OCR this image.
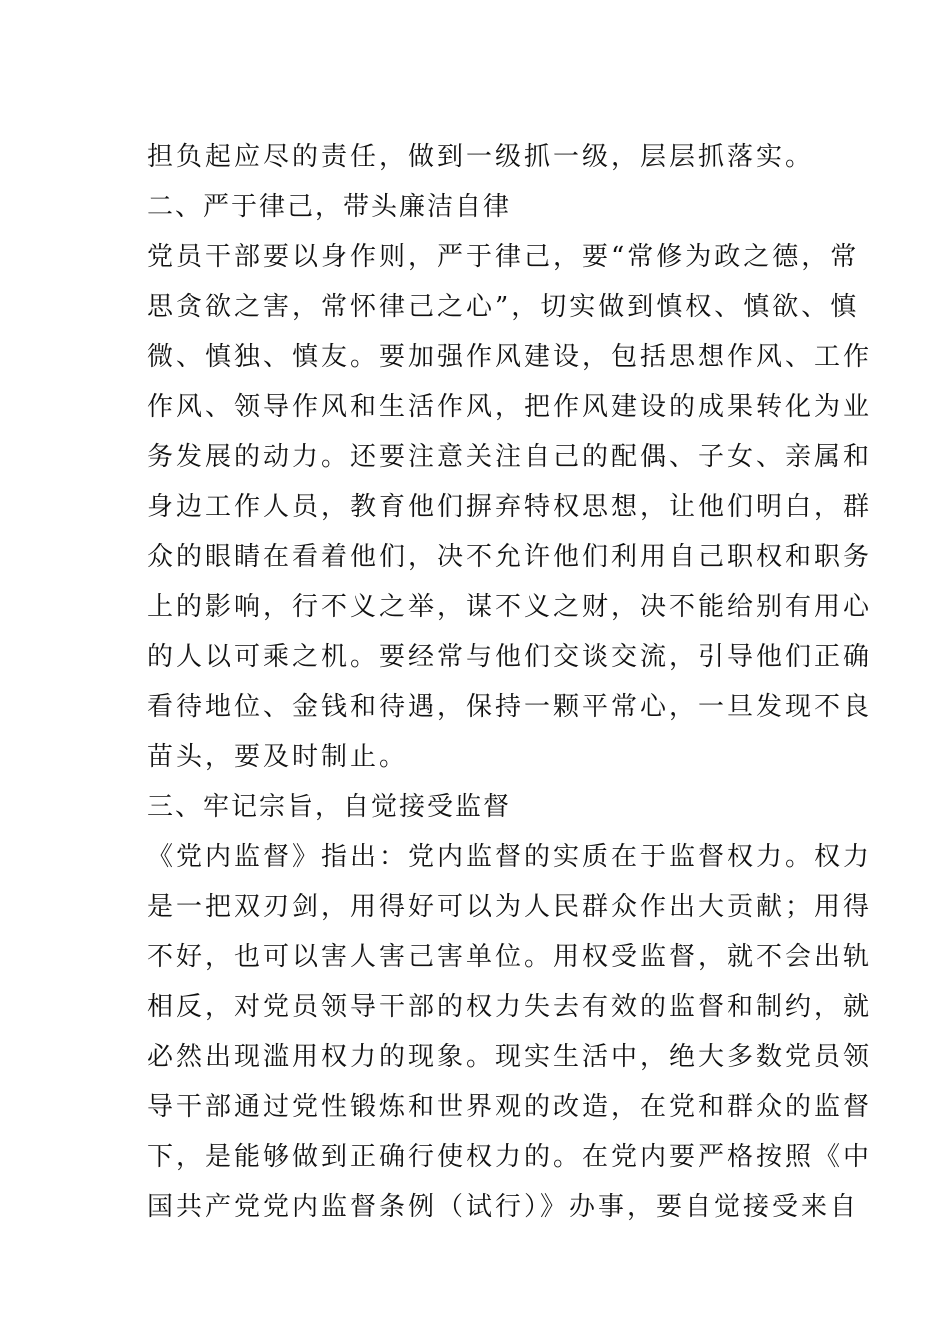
担负起应尽的责任，做到一级抓一级，层层抓落实。
二、严于律己，带头廉洁自律
党员干部要以身作则，严于律己，要“常修为政之德，常
思贪欲之害，常怀律己之心”，切实做到慎权、慎欲、慎
微、慎独、慎友。要加强作风建设，包括思想作风、工作
作风、领导作风和生活作风，把作风建设的成果转化为业
务发展的动力。还要注意关注自己的配偶、子女、亲属和
身边工作人员，教育他们摒弃特权思想，让他们明白，群
众的眼睛在看着他们，决不允许他们利用自己职权和职务
上的影响，行不义之举，谋不义之财，决不能给别有用心
的人以可乘之机。要经常与他们交谈交流，引导他们正确
看待地位、金钱和待遇，保持一颗平常心，一旦发现不良
苗头，要及时制止。
三、牢记宗旨，自觉接受监督
《党内监督》指出：党内监督的实质在于监督权力。权力
是一把双刃剑，用得好可以为人民群众作出大贡献；用得
不好，也可以害人害己害单位。用权受监督，就不会出轨
相反，对党员领导干部的权力失去有效的监督和制约，就
必然出现滥用权力的现象。现实生活中，绝大多数党员领
导干部通过党性锻炼和世界观的改造，在党和群众的监督
下，是能够做到正确行使权力的。在党内要严格按照《中
国共产党党内监督条例（试行）》办事，要自觉接受来自
